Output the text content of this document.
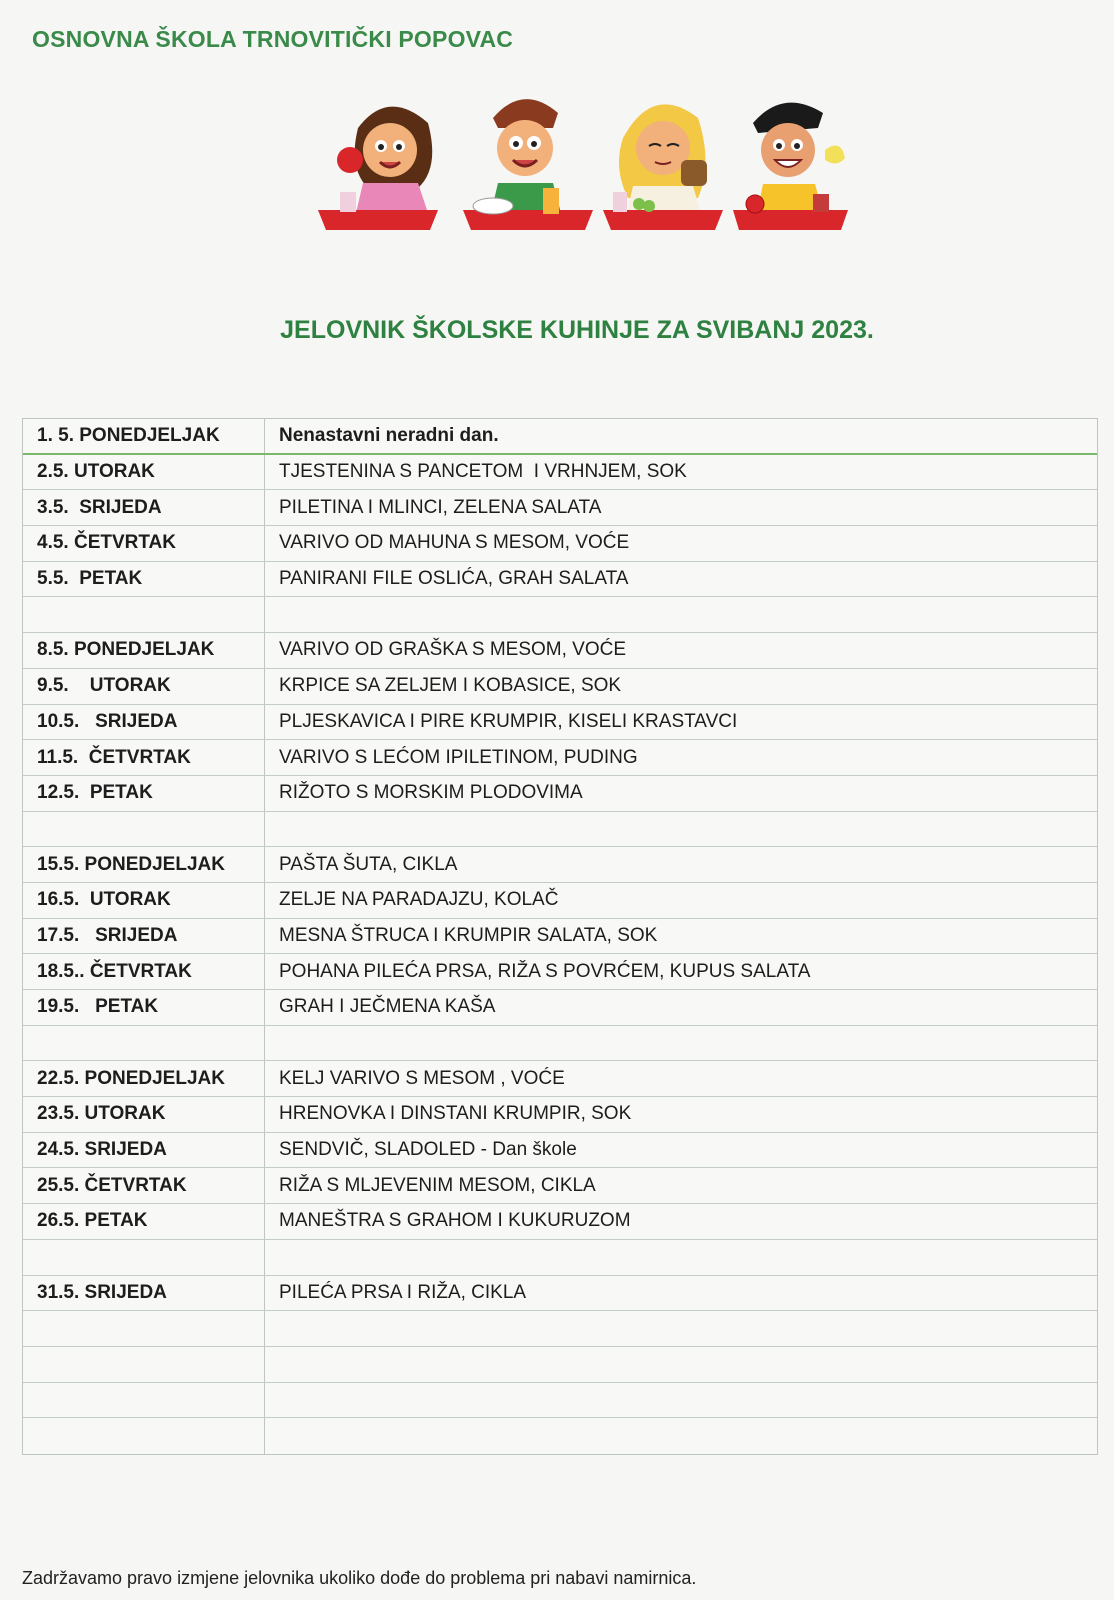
OSNOVNA ŠKOLA TRNOVITIČKI POPOVAC
JELOVNIK ŠKOLSKE KUHINJE ZA SVIBANJ 2023.
1. 5. PONEDJELJAK	Nenastavni neradni dan.
2.5. UTORAK	TJESTENINA S PANCETOM  I VRHNJEM, SOK
3.5.  SRIJEDA	PILETINA I MLINCI, ZELENA SALATA
4.5. ČETVRTAK	VARIVO OD MAHUNA S MESOM, VOĆE
5.5.  PETAK	PANIRANI FILE OSLIĆA, GRAH SALATA
8.5. PONEDJELJAK	VARIVO OD GRAŠKA S MESOM, VOĆE
9.5.    UTORAK	KRPICE SA ZELJEM I KOBASICE, SOK
10.5.   SRIJEDA	PLJESKAVICA I PIRE KRUMPIR, KISELI KRASTAVCI
11.5.  ČETVRTAK	VARIVO S LEĆOM IPILETINOM, PUDING
12.5.  PETAK	RIŽOTO S MORSKIM PLODOVIMA
15.5. PONEDJELJAK	PAŠTA ŠUTA, CIKLA
16.5.  UTORAK	ZELJE NA PARADAJZU, KOLAČ
17.5.   SRIJEDA	MESNA ŠTRUCA I KRUMPIR SALATA, SOK
18.5.. ČETVRTAK	POHANA PILEĆA PRSA, RIŽA S POVRĆEM, KUPUS SALATA
19.5.   PETAK	GRAH I JEČMENA KAŠA
22.5. PONEDJELJAK	KELJ VARIVO S MESOM , VOĆE
23.5. UTORAK	HRENOVKA I DINSTANI KRUMPIR, SOK
24.5. SRIJEDA	SENDVIČ, SLADOLED - Dan škole
25.5. ČETVRTAK	RIŽA S MLJEVENIM MESOM, CIKLA
26.5. PETAK	MANEŠTRA S GRAHOM I KUKURUZOM
31.5. SRIJEDA	PILEĆA PRSA I RIŽA, CIKLA
Zadržavamo pravo izmjene jelovnika ukoliko dođe do problema pri nabavi namirnica.
